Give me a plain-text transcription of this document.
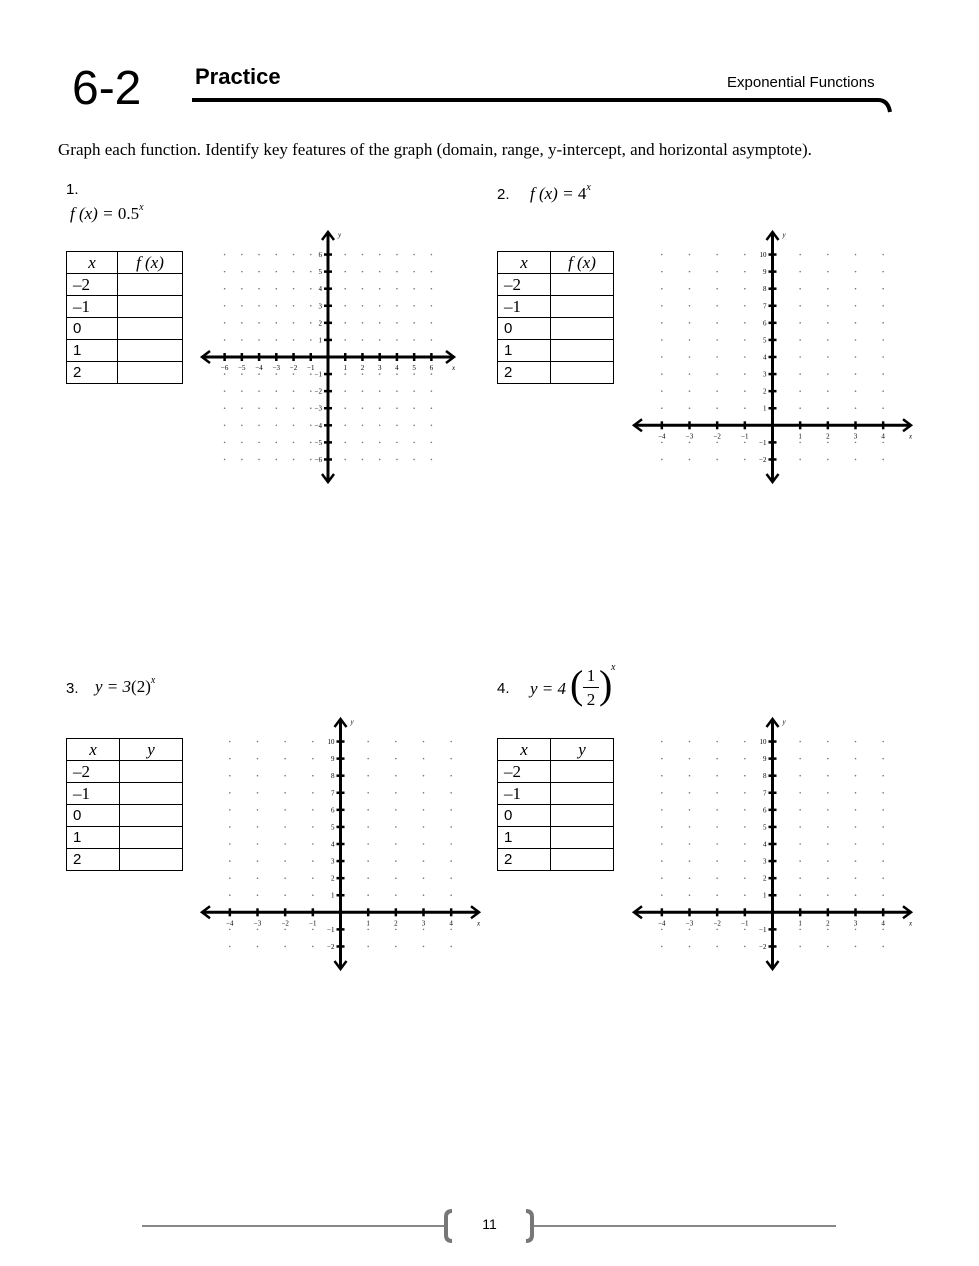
6-2 Practice	Exponential Functions
Graph each function. Identify key features of the graph (domain, range, y-intercept, and horizontal asymptote).
1.
f $(x) = 0.5^x$
x	f (x)
–2	
–1	
0	
1	
2		−6 −5 −4 −3 −2 −1	1 2 3 4 5 6
−6
−5
−4
−3
−2
−1
1
2
3
4
5
6
x
y
2. f $(x) = 4^x$
x	f (x)
–2	
–1	
0	
1	
2	
−4	−3	−2	−1	1	2	3	4
−2
−1
1
2
3
4
5
6
7
8
9
10
x
y
3. $y = 3(2)^x$
x	y
–2	
–1	
0	
1	
2	
−4	−3	−2	−1	1	2	3	4
−2
−1
1
2
3
4
5
6
7
8
9
10
x
y
4. y = 4 ( 1
2 )
x
x	y
–2	
–1	
0	
1	
2	
−4	−3	−2	−1	1	2	3	4
−2
−1
1
2
3
4
5
6
7
8
9
10
x
y
11
